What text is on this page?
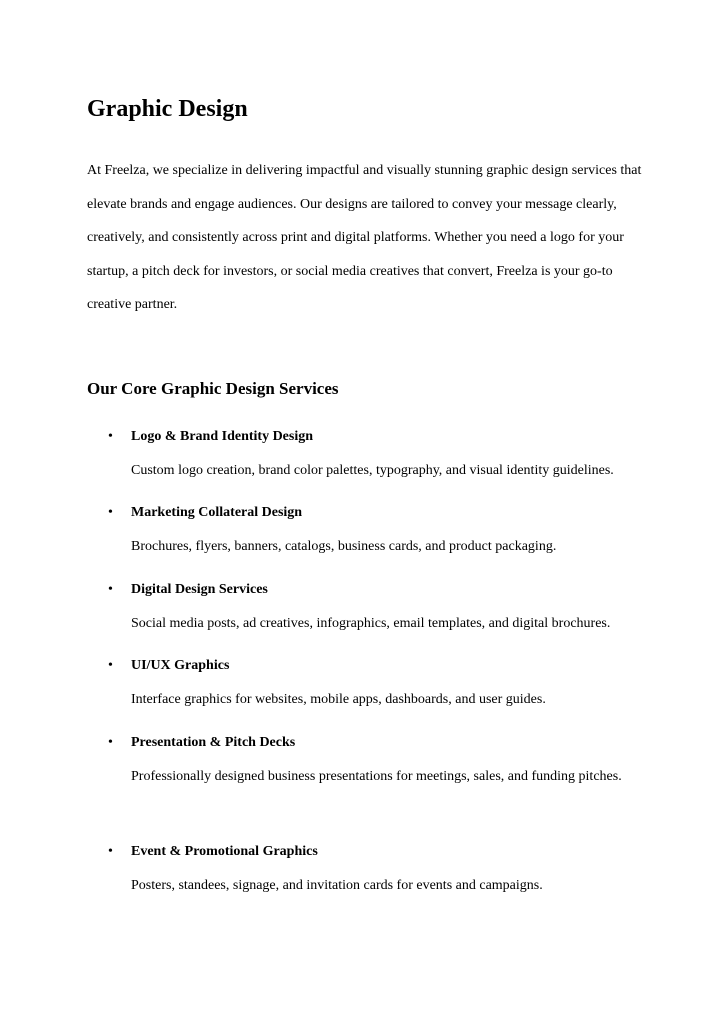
Graphic Design

At Freelza, we specialize in delivering impactful and visually stunning graphic design services that elevate brands and engage audiences. Our designs are tailored to convey your message clearly, creatively, and consistently across print and digital platforms. Whether you need a logo for your startup, a pitch deck for investors, or social media creatives that convert, Freelza is your go-to creative partner.

Our Core Graphic Design Services
• Logo & Brand Identity Design

Custom logo creation, brand color palettes, typography, and visual identity guidelines.

• Marketing Collateral Design

Brochures, flyers, banners, catalogs, business cards, and product packaging.

• Digital Design Services

Social media posts, ad creatives, infographics, email templates, and digital brochures.

• UI/UX Graphics

Interface graphics for websites, mobile apps, dashboards, and user guides.

• Presentation & Pitch Decks

Professionally designed business presentations for meetings, sales, and funding pitches.

• Event & Promotional Graphics

Posters, standees, signage, and invitation cards for events and campaigns.
